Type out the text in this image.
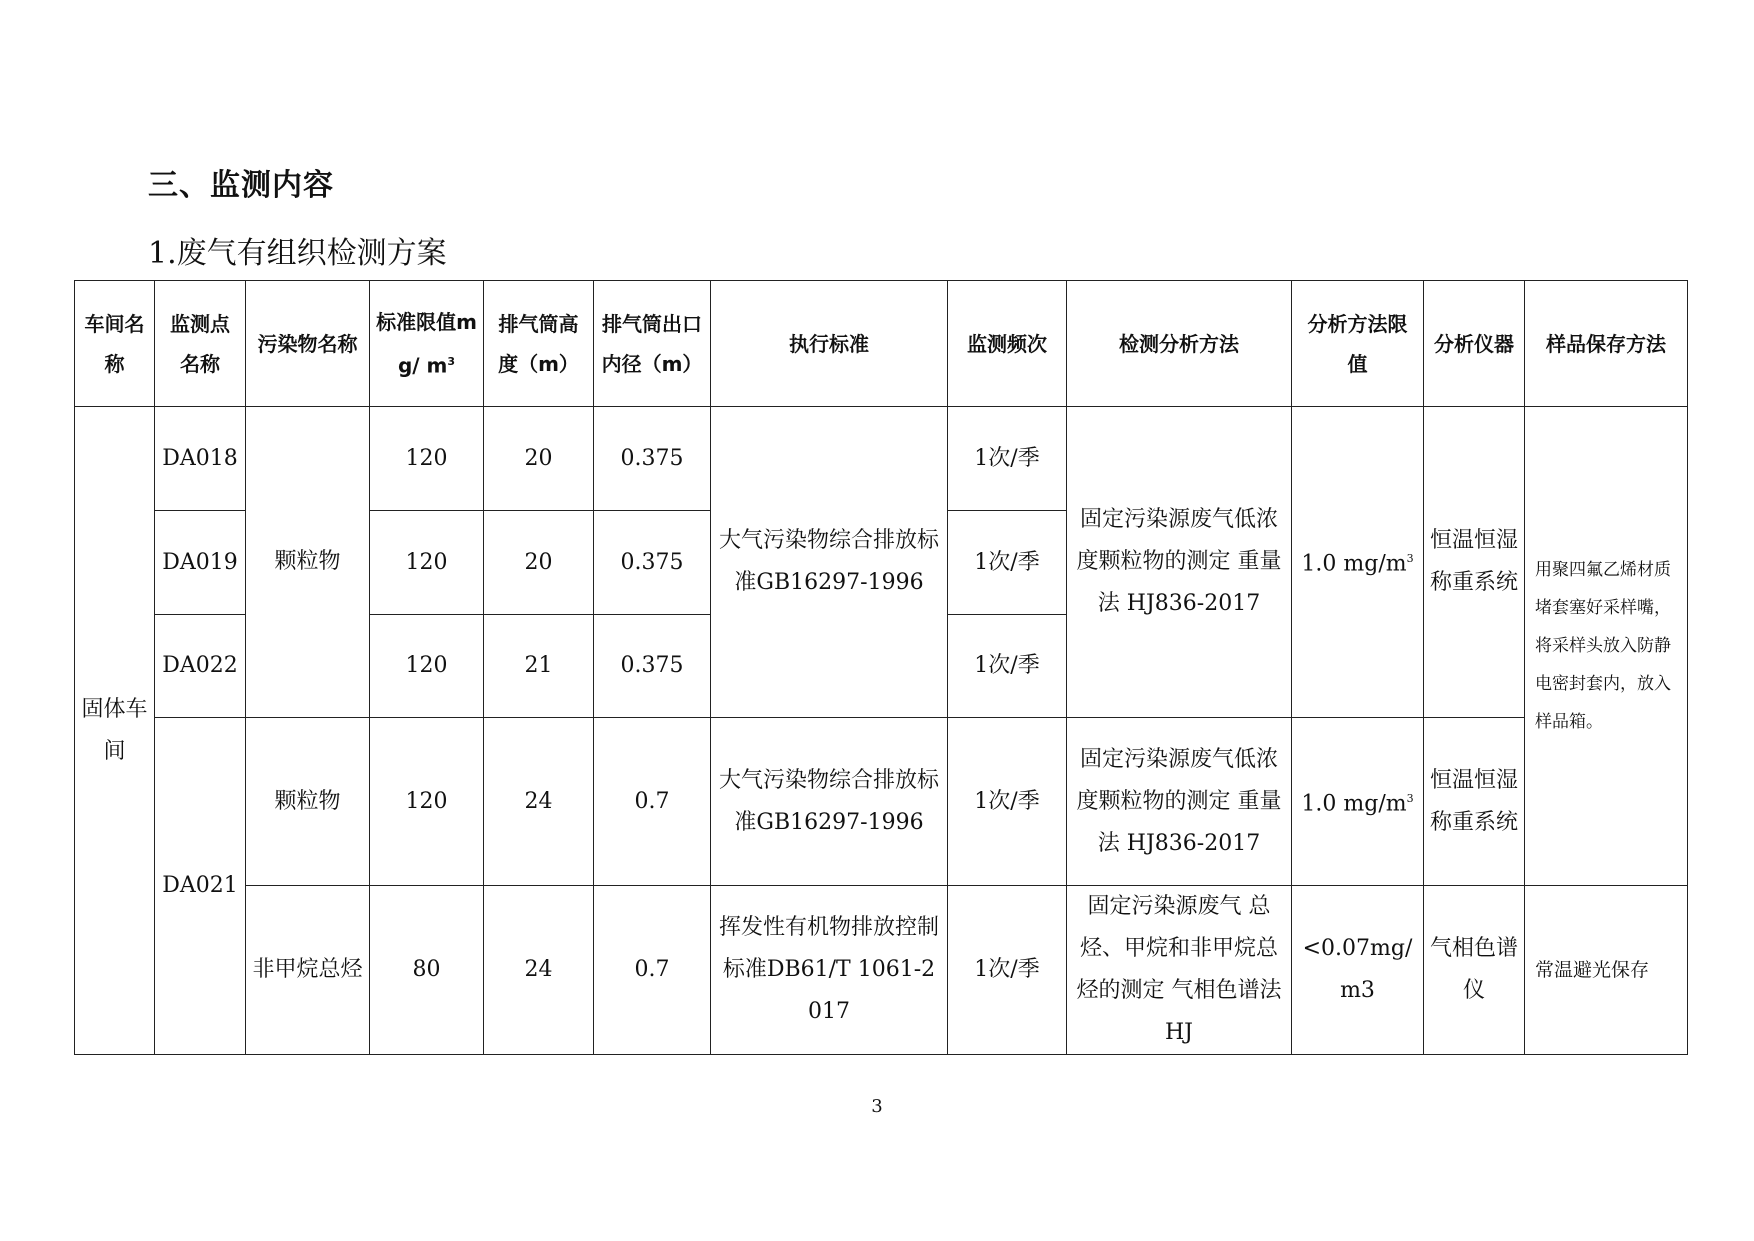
三、监测内容
1.废气有组织检测方案
车间名称	监测点名称	污染物名称	标准限值mg/ $m^3$	排气筒高度（m）	排气筒出口内径（m）	执行标准	监测频次	检测分析方法	分析方法限值	分析仪器	样品保存方法
固体车间	DA018	颗粒物	120	20	0.375	大气污染物综合排放标准GB16297-1996	1次/季	固定污染源废气低浓度颗粒物的测定 重量法 HJ836-2017	1.0 $mg/m^3$	恒温恒湿称重系统	用聚四氟乙烯材质堵套塞好采样嘴，将采样头放入防静电密封套内，放入样品箱。
	DA019		120	20	0.375		1次/季				
	DA022		120	21	0.375		1次/季				
	DA021	颗粒物	120	24	0.7	大气污染物综合排放标准GB16297-1996	1次/季	固定污染源废气低浓度颗粒物的测定 重量法 HJ836-2017	1.0 $mg/m^3$	恒温恒湿称重系统	
		非甲烷总烃	80	24	0.7	挥发性有机物排放控制标准DB61/T 1061-2017	1次/季	固定污染源废气 总烃、甲烷和非甲烷总烃的测定 气相色谱法 HJ	<0.07mg/m3	气相色谱仪	常温避光保存
3
